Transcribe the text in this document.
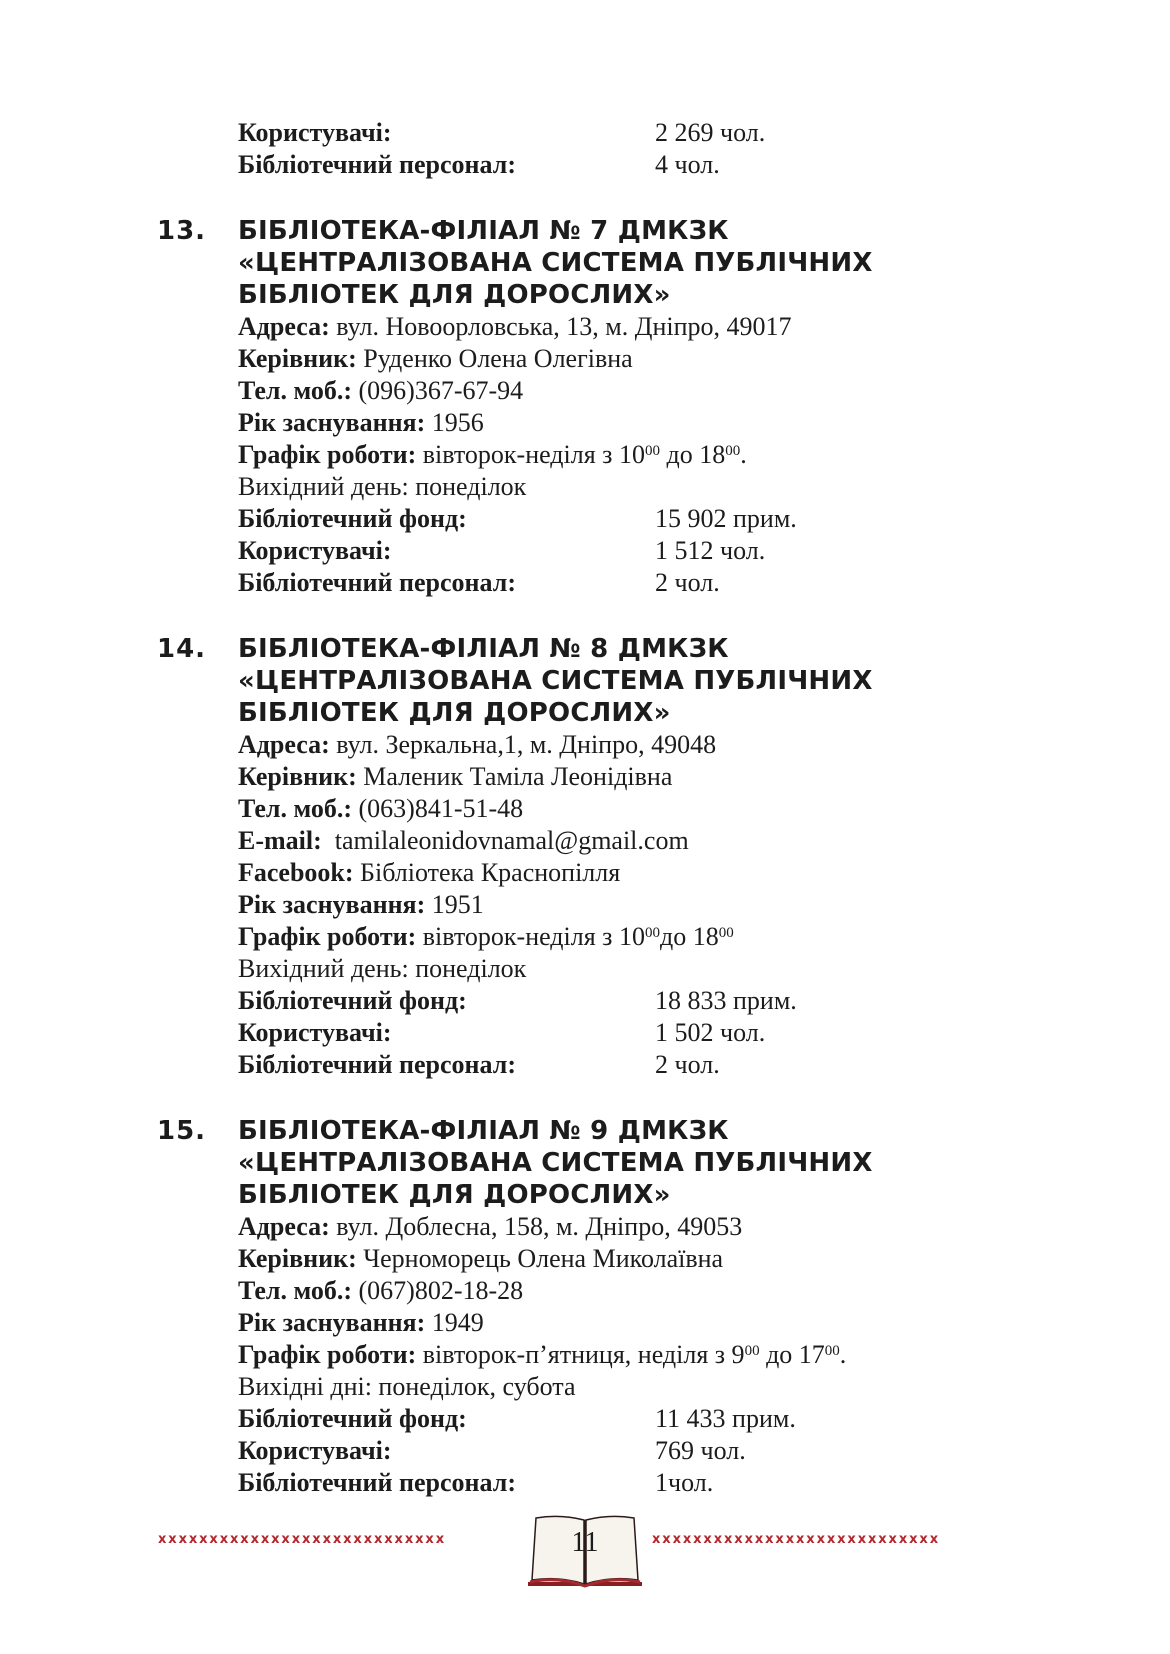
Користувачі:	2 269 чол.
Бібліотечний персонал:	4 чол.
13. БІБЛІОТЕКА-ФІЛІАЛ № 7 ДМКЗК
«ЦЕНТРАЛІЗОВАНА СИСТЕМА ПУБЛІЧНИХ
БІБЛІОТЕК ДЛЯ ДОРОСЛИХ»
Адреса: вул. Новоорловська, 13, м. Дніпро, 49017
Керівник: Руденко Олена Олегівна
Тел. моб.: (096)367-67-94
Рік заснування: 1956
Графік роботи: вівторок-неділя з $10^{00}$ до $18^{00}$.
Вихідний день: понеділок
Бібліотечний фонд:	15 902 прим.
Користувачі:	1 512 чол.
Бібліотечний персонал:	2 чол.
14. БІБЛІОТЕКА-ФІЛІАЛ № 8 ДМКЗК
«ЦЕНТРАЛІЗОВАНА СИСТЕМА ПУБЛІЧНИХ
БІБЛІОТЕК ДЛЯ ДОРОСЛИХ»
Адреса: вул. Зеркальна,1, м. Дніпро, 49048
Керівник: Маленик Таміла Леонідівна
Тел. моб.: (063)841-51-48
E-mail:  tamilaleonidovnamal@gmail.com
Facebook: Бібліотека Краснопілля
Рік заснування: 1951
Графік роботи: вівторок-неділя з $10^{00}до$ $18^{00}$
Вихідний день: понеділок
Бібліотечний фонд:	18 833 прим.
Користувачі:	1 502 чол.
Бібліотечний персонал:	2 чол.
15. БІБЛІОТЕКА-ФІЛІАЛ № 9 ДМКЗК
«ЦЕНТРАЛІЗОВАНА СИСТЕМА ПУБЛІЧНИХ
БІБЛІОТЕК ДЛЯ ДОРОСЛИХ»
Адреса: вул. Доблесна, 158, м. Дніпро, 49053
Керівник: Черноморець Олена Миколаївна
Тел. моб.: (067)802-18-28
Рік заснування: 1949
Графік роботи: вівторок-п’ятниця, неділя з $9^{00}$ до $17^{00}$.
Вихідні дні: понеділок, субота
Бібліотечний фонд:	11 433 прим.
Користувачі:	769 чол.
Бібліотечний персонал:	1чол.
xxxxxxxxxxxxxxxxxxxxxxxxxxxx	11	xxxxxxxxxxxxxxxxxxxxxxxxxxxx
